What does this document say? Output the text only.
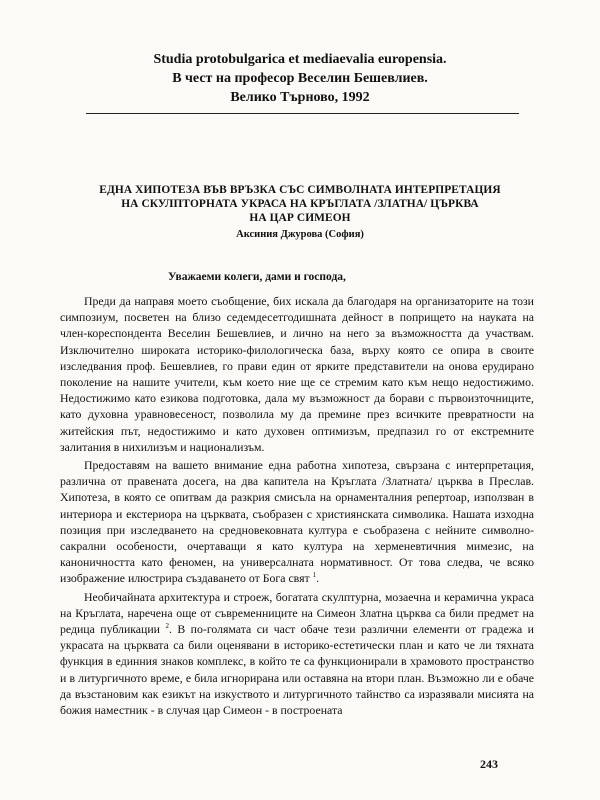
Studia protobulgarica et mediaevalia europensia.
В чест на професор Веселин Бешевлиев.
Велико Търново, 1992
ЕДНА ХИПОТЕЗА ВЪВ ВРЪЗКА СЪС СИМВОЛНАТА ИНТЕРПРЕТАЦИЯ
НА СКУЛПТОРНАТА УКРАСА НА КРЪГЛАТА /ЗЛАТНА/ ЦЪРКВА
НА ЦАР СИМЕОН
Аксиния Джурова (София)
Уважаеми колеги, дами и господа,

Преди да направя моето съобщение, бих искала да благодаря на организаторите на този симпозиум, посветен на близо седемдесетгодишната дейност в попрището на науката на член-кореспондента Веселин Бешевлиев, и лично на него за възможността да участвам. Изключително широката историко-филологическа база, върху която се опира в своите изследвания проф. Бешевлиев, го прави един от ярките представители на онова ерудирано поколение на нашите учители, към което ние ще се стремим като към нещо недостижимо. Недостижимо като езикова подготовка, дала му възможност да борави с първоизточниците, като духовна уравновесеност, позволила му да премине през всичките превратности на житейския път, недостижимо и като духовен оптимизъм, предпазил го от екстремните залитания в нихилизъм и национализъм.

Предоставям на вашето внимание една работна хипотеза, свързана с интерпретация, различна от правената досега, на два капитела на Кръглата /Златната/ църква в Преслав. Хипотеза, в която се опитвам да разкрия смисъла на орнаменталния репертоар, използван в интериора и екстериора на църквата, съобразен с християнската символика. Нашата изходна позиция при изследването на средновековната култура е съобразена с нейните символно-сакрални особености, очертаващи я като култура на херменевтичния мимезис, на каноничността като феномен, на универсалната нормативност. От това следва, че всяко изображение илюстрира създаването от Бога свят $^1$.

Необичайната архитектура и строеж, богатата скулптурна, мозаечна и керамична украса на Кръглата, наречена още от съвременниците на Симеон Златна църква са били предмет на редица публикации $^2$. В по-голямата си част обаче тези различни елементи от градежа и украсата на църквата са били оценявани в историко-естетически план и като че ли тяхната функция в единния знаков комплекс, в който те са функционирали в храмовото пространство и в литургичното време, е била игнорирана или оставяна на втори план. Възможно ли е обаче да възстановим как езикът на изкуството и литургичното тайнство са изразявали мисията на божия наместник - в случая цар Симеон - в построената

243
